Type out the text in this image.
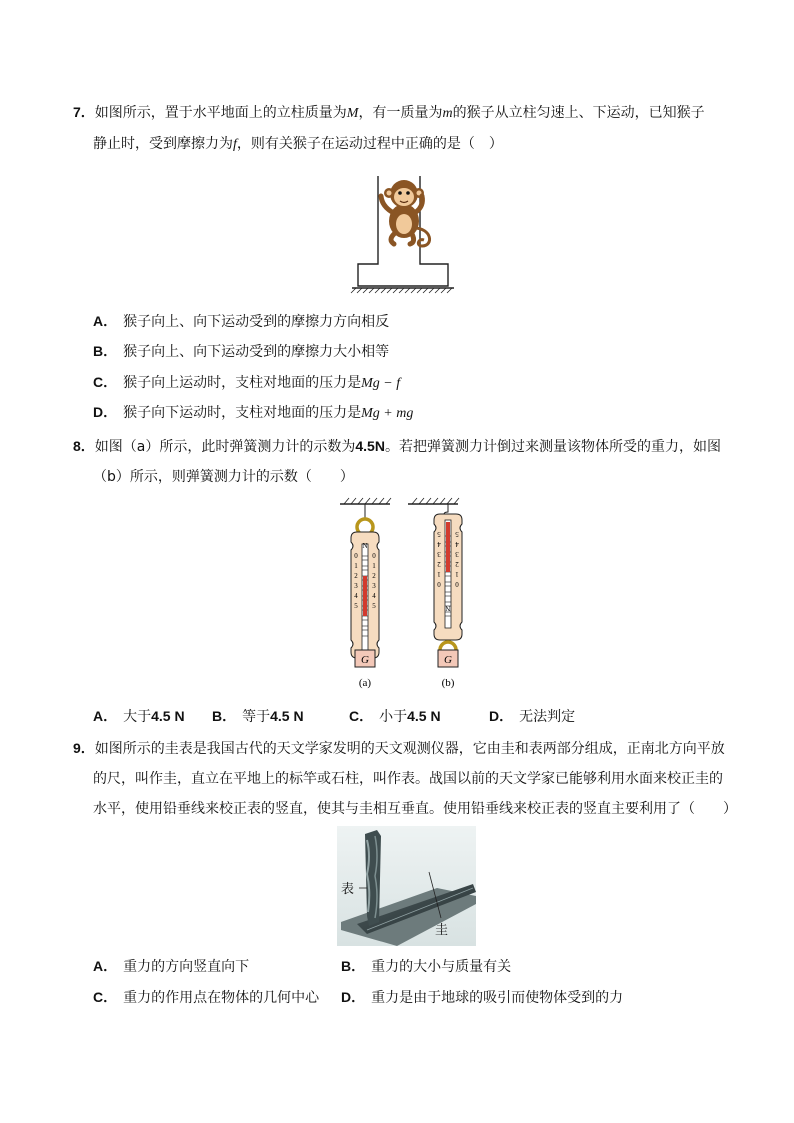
7．如图所示，置于水平地面上的立柱质量为M，有一质量为m的猴子从立柱匀速上、下运动，已知猴子
静止时，受到摩擦力为f，则有关猴子在运动过程中正确的是（　）
A． 猴子向上、向下运动受到的摩擦力方向相反
B． 猴子向上、向下运动受到的摩擦力大小相等
C． 猴子向上运动时，支柱对地面的压力是Mg − f
D． 猴子向下运动时，支柱对地面的压力是Mg + mg
8．如图（a）所示，此时弹簧测力计的示数为4.5N。若把弹簧测力计倒过来测量该物体所受的重力，如图
（b）所示，则弹簧测力计的示数（　　）
N
0 0
1 1
2 2
3 3
4 4
5 5
G
(a)
5 5
4 4
3 3
2 2
1 1
0 0
N
G
(b)
A． 大于4.5 N B． 等于4.5 N	C． 小于4.5 N	D． 无法判定
9．如图所示的圭表是我国古代的天文学家发明的天文观测仪器，它由圭和表两部分组成，正南北方向平放
的尺，叫作圭，直立在平地上的标竿或石柱，叫作表。战国以前的天文学家已能够利用水面来校正圭的
水平，使用铅垂线来校正表的竖直，使其与圭相互垂直。使用铅垂线来校正表的竖直主要利用了（　　）
表
圭
A． 重力的方向竖直向下	B． 重力的大小与质量有关
C． 重力的作用点在物体的几何中心 D． 重力是由于地球的吸引而使物体受到的力
